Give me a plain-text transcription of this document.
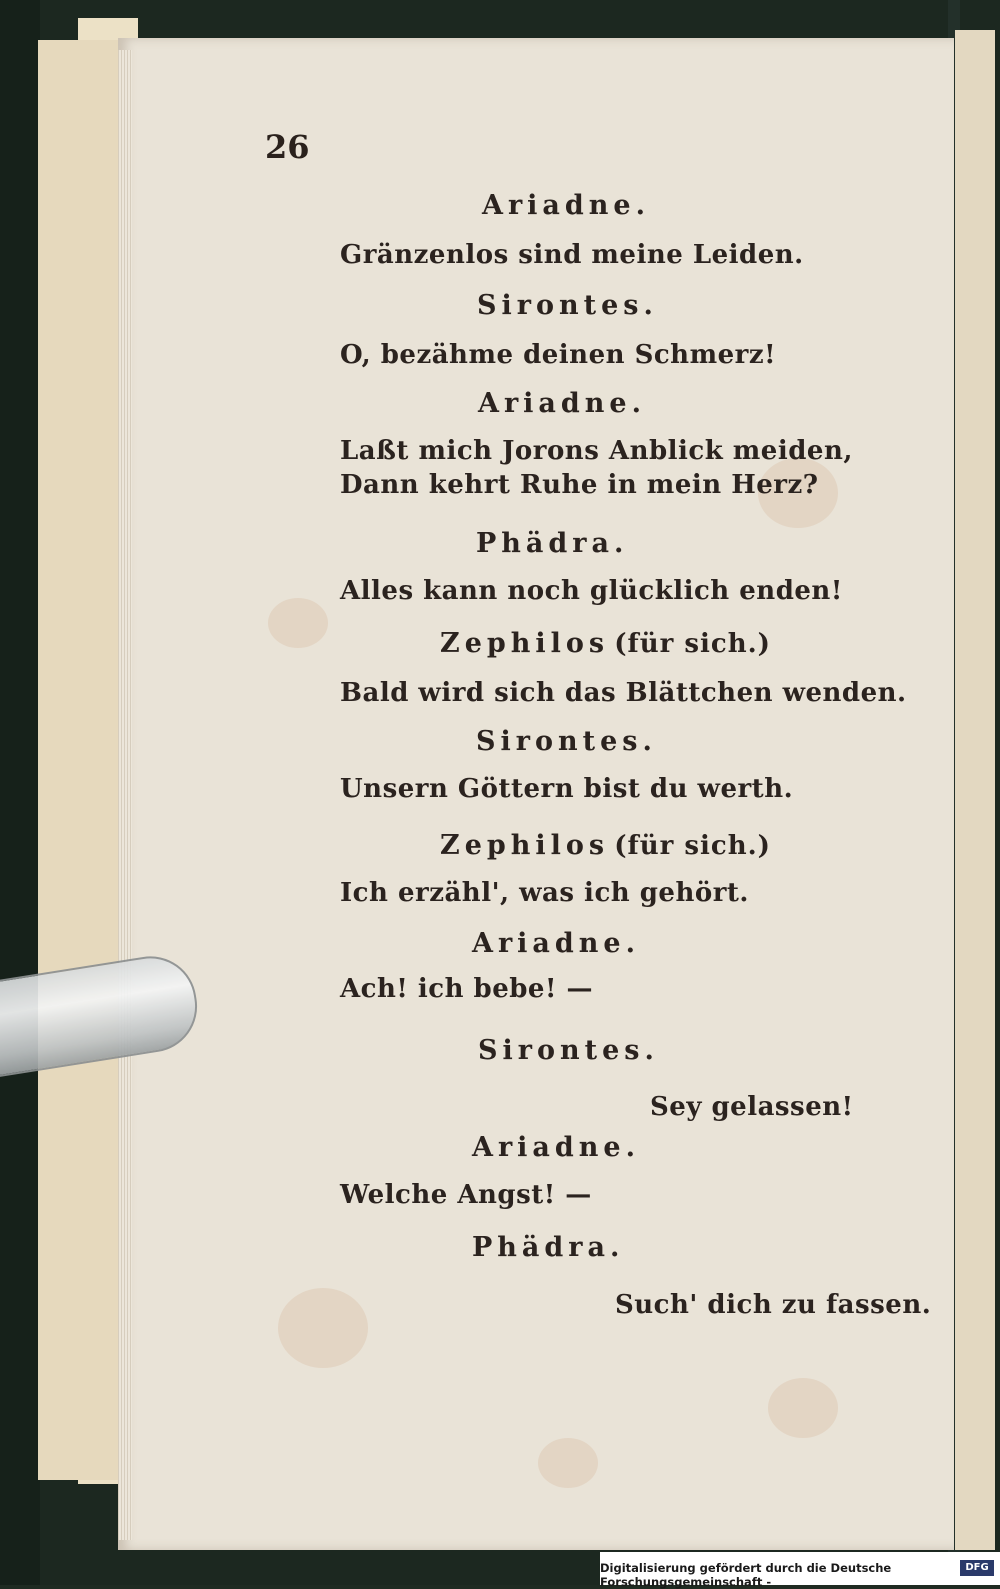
26
Ariadne.
Gränzenlos sind meine Leiden.
Sirontes.
O, bezähme deinen Schmerz!
Ariadne.
Laßt mich Jorons Anblick meiden,
Dann kehrt Ruhe in mein Herz?
Phädra.
Alles kann noch glücklich enden!
Zephilos (für sich.)
Bald wird sich das Blättchen wenden.
Sirontes.
Unsern Göttern bist du werth.
Zephilos (für sich.)
Ich erzähl', was ich gehört.
Ariadne.
Ach! ich bebe! —
Sirontes.
Sey gelassen!
Ariadne.
Welche Angst! —
Phädra.
Such' dich zu fassen.
Digitalisierung gefördert durch die Deutsche Forschungsgemeinschaft -
DFG
